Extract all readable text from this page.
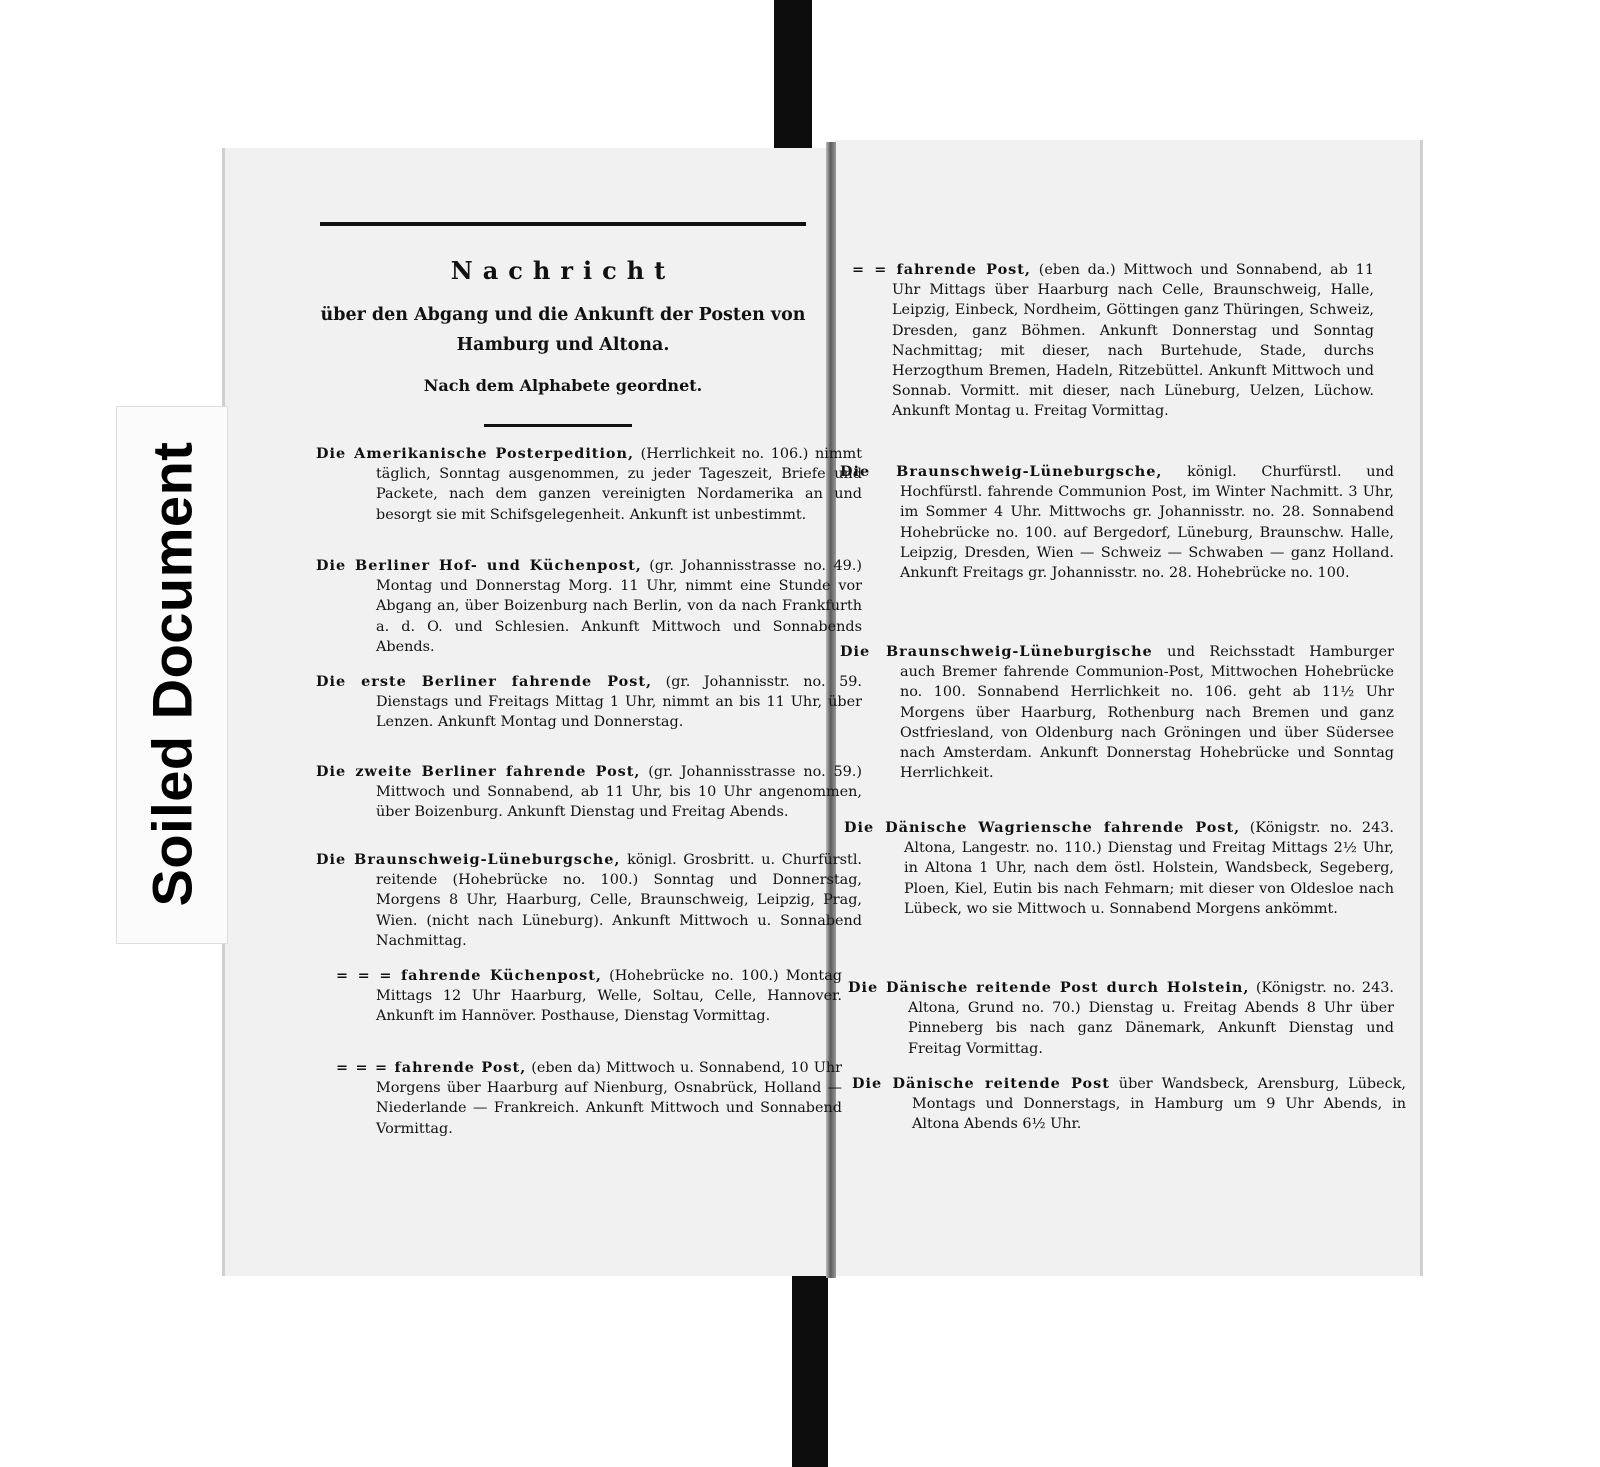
Soiled Document
Nachricht
über den Abgang und die Ankunft der Posten von Hamburg und Altona.
Nach dem Alphabete geordnet.
Die Amerikanische Posterpedition, (Herrlichkeit no. 106.) nimmt täglich, Sonntag ausgenommen, zu jeder Tageszeit, Briefe und Packete, nach dem ganzen vereinigten Nordamerika an und besorgt sie mit Schifsgelegenheit. Ankunft ist unbestimmt.
Die Berliner Hof- und Küchenpost, (gr. Johannisstrasse no. 49.) Montag und Donnerstag Morg. 11 Uhr, nimmt eine Stunde vor Abgang an, über Boizenburg nach Berlin, von da nach Frankfurth a. d. O. und Schlesien. Ankunft Mittwoch und Sonnabends Abends.
Die erste Berliner fahrende Post, (gr. Johannisstr. no. 59. Dienstags und Freitags Mittag 1 Uhr, nimmt an bis 11 Uhr, über Lenzen. Ankunft Montag und Donnerstag.
Die zweite Berliner fahrende Post, (gr. Johannisstrasse no. 59.) Mittwoch und Sonnabend, ab 11 Uhr, bis 10 Uhr angenommen, über Boizenburg. Ankunft Dienstag und Freitag Abends.
Die Braunschweig-Lüneburgsche, königl. Grosbritt. u. Churfürstl. reitende (Hohebrücke no. 100.) Sonntag und Donnerstag, Morgens 8 Uhr, Haarburg, Celle, Braunschweig, Leipzig, Prag, Wien. (nicht nach Lüneburg). Ankunft Mittwoch u. Sonnabend Nachmittag.
= = = fahrende Küchenpost, (Hohebrücke no. 100.) Montag Mittags 12 Uhr Haarburg, Welle, Soltau, Celle, Hannover. Ankunft im Hannöver. Posthause, Dienstag Vormittag.
= = = fahrende Post, (eben da) Mittwoch u. Sonnabend, 10 Uhr Morgens über Haarburg auf Nienburg, Osnabrück, Holland — Niederlande — Frankreich. Ankunft Mittwoch und Sonnabend Vormittag.
= = fahrende Post, (eben da.) Mittwoch und Sonnabend, ab 11 Uhr Mittags über Haarburg nach Celle, Braunschweig, Halle, Leipzig, Einbeck, Nordheim, Göttingen ganz Thüringen, Schweiz, Dresden, ganz Böhmen. Ankunft Donnerstag und Sonntag Nachmittag; mit dieser, nach Burtehude, Stade, durchs Herzogthum Bremen, Hadeln, Ritzebüttel. Ankunft Mittwoch und Sonnab. Vormitt. mit dieser, nach Lüneburg, Uelzen, Lüchow. Ankunft Montag u. Freitag Vormittag.
Die Braunschweig-Lüneburgsche, königl. Churfürstl. und Hochfürstl. fahrende Communion Post, im Winter Nachmitt. 3 Uhr, im Sommer 4 Uhr. Mittwochs gr. Johannisstr. no. 28. Sonnabend Hohebrücke no. 100. auf Bergedorf, Lüneburg, Braunschw. Halle, Leipzig, Dresden, Wien — Schweiz — Schwaben — ganz Holland. Ankunft Freitags gr. Johannisstr. no. 28. Hohebrücke no. 100.
Die Braunschweig-Lüneburgische und Reichsstadt Hamburger auch Bremer fahrende Communion-Post, Mittwochen Hohebrücke no. 100. Sonnabend Herrlichkeit no. 106. geht ab 11½ Uhr Morgens über Haarburg, Rothenburg nach Bremen und ganz Ostfriesland, von Oldenburg nach Gröningen und über Südersee nach Amsterdam. Ankunft Donnerstag Hohebrücke und Sonntag Herrlichkeit.
Die Dänische Wagriensche fahrende Post, (Königstr. no. 243. Altona, Langestr. no. 110.) Dienstag und Freitag Mittags 2½ Uhr, in Altona 1 Uhr, nach dem östl. Holstein, Wandsbeck, Segeberg, Ploen, Kiel, Eutin bis nach Fehmarn; mit dieser von Oldesloe nach Lübeck, wo sie Mittwoch u. Sonnabend Morgens ankömmt.
Die Dänische reitende Post durch Holstein, (Königstr. no. 243. Altona, Grund no. 70.) Dienstag u. Freitag Abends 8 Uhr über Pinneberg bis nach ganz Dänemark, Ankunft Dienstag und Freitag Vormittag.
Die Dänische reitende Post über Wandsbeck, Arensburg, Lübeck, Montags und Donnerstags, in Hamburg um 9 Uhr Abends, in Altona Abends 6½ Uhr.
